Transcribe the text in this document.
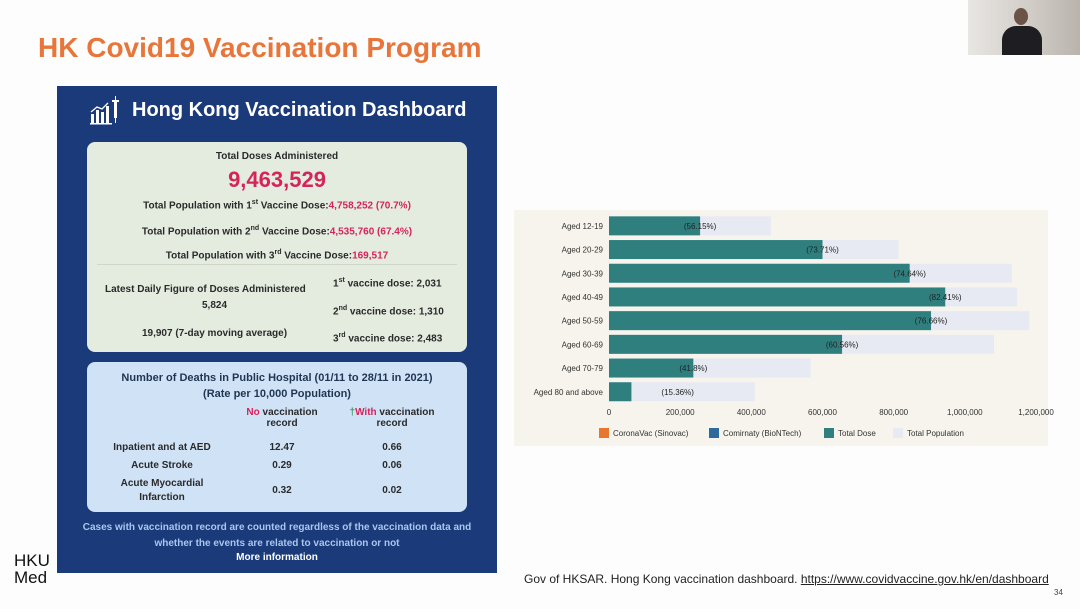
HK Covid19 Vaccination Program
Hong Kong Vaccination Dashboard
Total Doses Administered
9,463,529
Total Population with 1st Vaccine Dose:4,758,252 (70.7%)
Total Population with 2nd Vaccine Dose:4,535,760 (67.4%)
Total Population with 3rd Vaccine Dose:169,517
Latest Daily Figure of Doses Administered
5,824
19,907 (7-day moving average)
1st vaccine dose: 2,031
2nd vaccine dose: 1,310
3rd vaccine dose: 2,483
Number of Deaths in Public Hospital (01/11 to 28/11 in 2021)
(Rate per 10,000 Population)
No vaccination
record
†With vaccination
record
Inpatient and at AED	12.47	0.66
Acute Stroke	0.29	0.06
Acute Myocardial
Infarction
0.32	0.02
Cases with vaccination record are counted regardless of the vaccination data and
whether the events are related to vaccination or not
More information
HKU
Med
Aged 12-19	(56.15%)
Aged 20-29	(73.71%)
Aged 30-39	(74.64%)
Aged 40-49	(82.41%)
Aged 50-59	(76.66%)
Aged 60-69	(60.56%)
Aged 70-79	(41.8%)
Aged 80 and above	(15.36%)
0	200,000	400,000	600,000	800,000	1,000,000	1,200,000
CoronaVac (Sinovac)	Comirnaty (BioNTech)	Total Dose	Total Population
Gov of HKSAR. Hong Kong vaccination dashboard. https://www.covidvaccine.gov.hk/en/dashboard
34
